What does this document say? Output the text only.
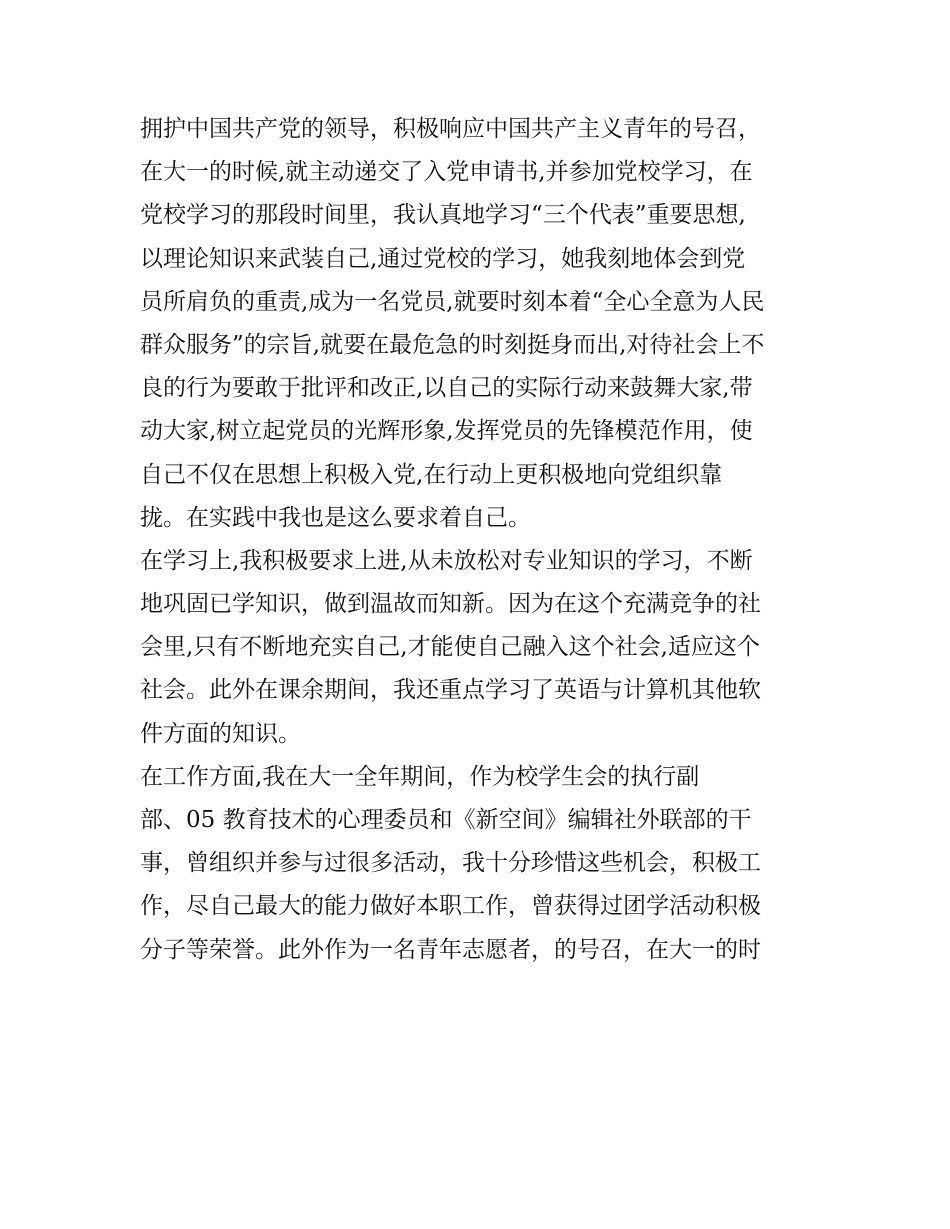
拥护中国共产党的领导，积极响应中国共产主义青年的号召，
在大一的时候,就主动递交了入党申请书,并参加党校学习，在
党校学习的那段时间里，我认真地学习“三个代表”重要思想,
以理论知识来武装自己,通过党校的学习，她我刻地体会到党
员所肩负的重责,成为一名党员,就要时刻本着“全心全意为人民
群众服务”的宗旨,就要在最危急的时刻挺身而出,对待社会上不
良的行为要敢于批评和改正,以自己的实际行动来鼓舞大家,带
动大家,树立起党员的光辉形象,发挥党员的先锋模范作用，使
自己不仅在思想上积极入党,在行动上更积极地向党组织靠
拢。在实践中我也是这么要求着自己。
在学习上,我积极要求上进,从未放松对专业知识的学习，不断
地巩固已学知识，做到温故而知新。因为在这个充满竞争的社
会里,只有不断地充实自己,才能使自己融入这个社会,适应这个
社会。此外在课余期间，我还重点学习了英语与计算机其他软
件方面的知识。
在工作方面,我在大一全年期间，作为校学生会的执行副
部、05 教育技术的心理委员和《新空间》编辑社外联部的干
事，曾组织并参与过很多活动，我十分珍惜这些机会，积极工
作，尽自己最大的能力做好本职工作，曾获得过团学活动积极
分子等荣誉。此外作为一名青年志愿者，的号召，在大一的时
